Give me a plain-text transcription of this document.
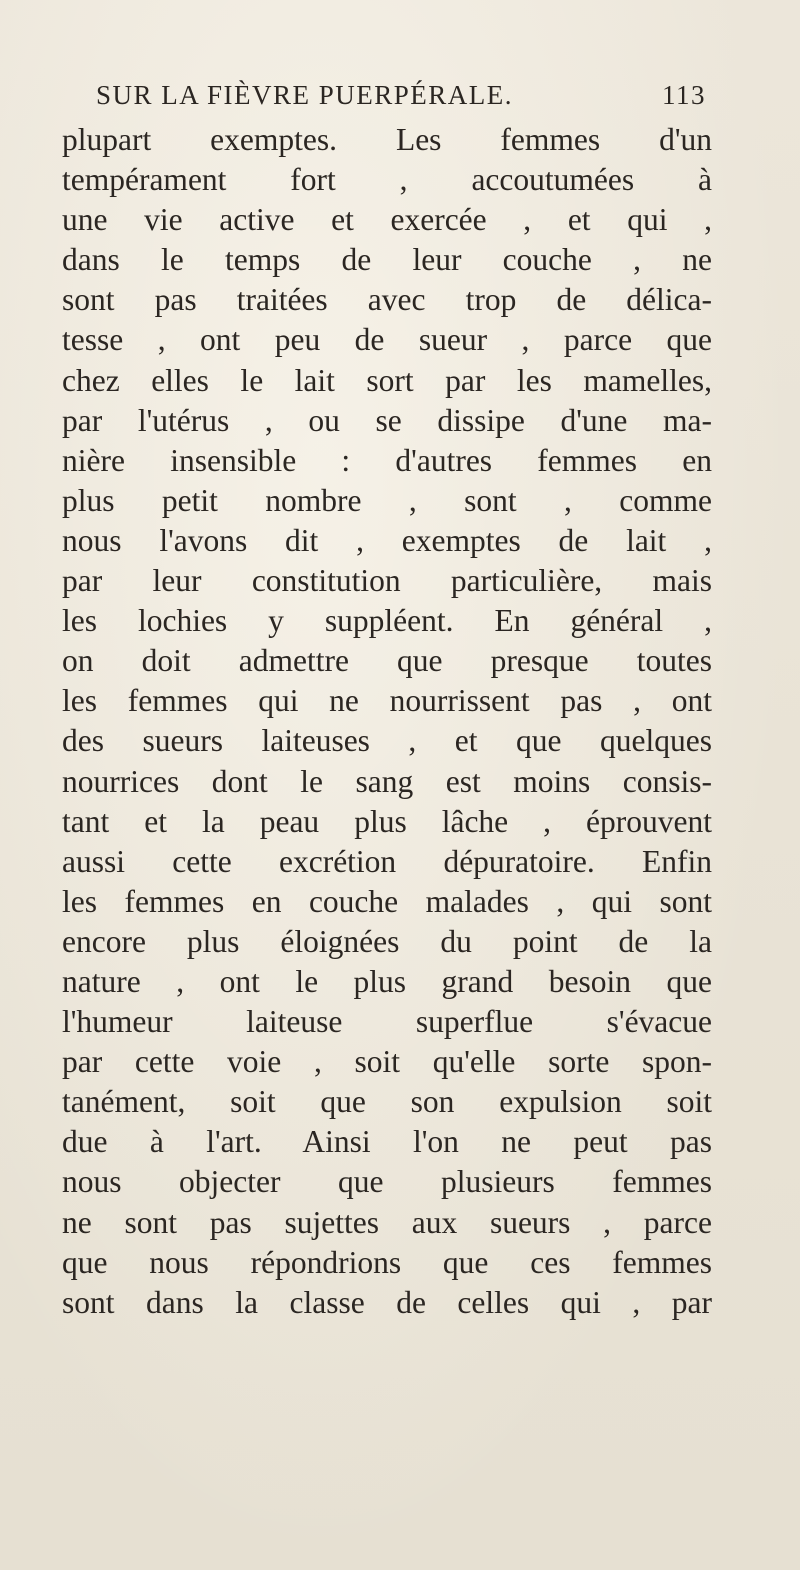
SUR LA FIÈVRE PUERPÉRALE.	113
plupart exemptes. Les femmes d'un
tempérament fort , accoutumées à
une vie active et exercée , et qui ,
dans le temps de leur couche , ne
sont pas traitées avec trop de délica-
tesse , ont peu de sueur , parce que
chez elles le lait sort par les mamelles,
par l'utérus , ou se dissipe d'une ma-
nière insensible : d'autres femmes en
plus petit nombre , sont , comme
nous l'avons dit , exemptes de lait ,
par leur constitution particulière, mais
les lochies y suppléent. En général ,
on doit admettre que presque toutes
les femmes qui ne nourrissent pas , ont
des sueurs laiteuses , et que quelques
nourrices dont le sang est moins consis-
tant et la peau plus lâche , éprouvent
aussi cette excrétion dépuratoire. Enfin
les femmes en couche malades , qui sont
encore plus éloignées du point de la
nature , ont le plus grand besoin que
l'humeur laiteuse superflue s'évacue
par cette voie , soit qu'elle sorte spon-
tanément, soit que son expulsion soit
due à l'art. Ainsi l'on ne peut pas
nous objecter que plusieurs femmes
ne sont pas sujettes aux sueurs , parce
que nous répondrions que ces femmes
sont dans la classe de celles qui , par
